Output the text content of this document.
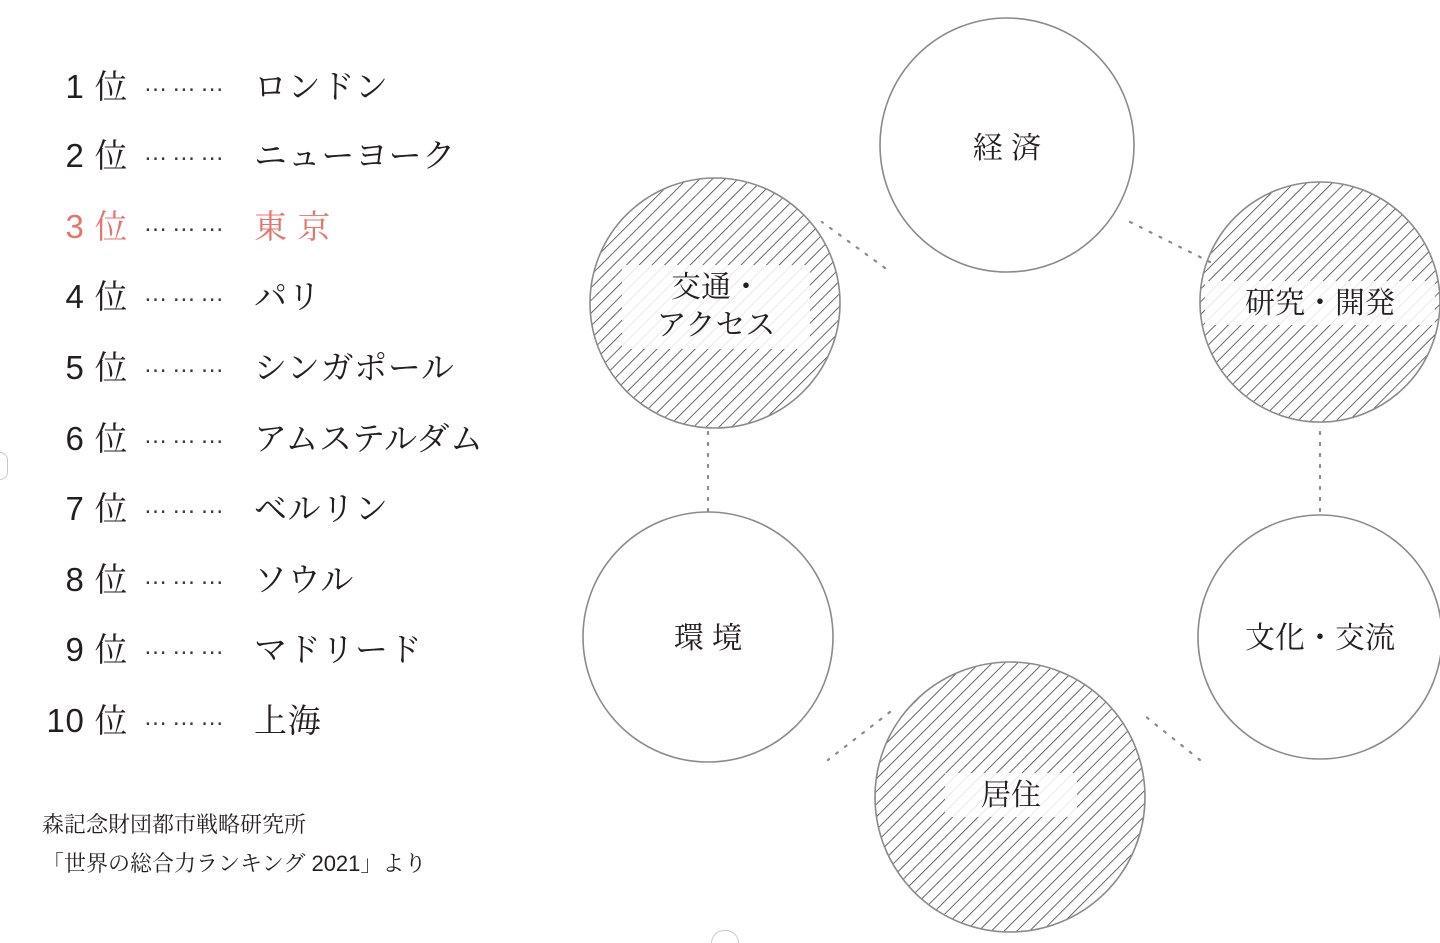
1 位 ……… ロンドン
2 位 ……… ニューヨーク
3 位 ……… 東 京
4 位 ……… パリ
5 位 ……… シンガポール
6 位 ……… アムステルダム
7 位 ……… ベルリン
8 位 ……… ソウル
9 位 ……… マドリード
10 位 ……… 上海
森記念財団都市戦略研究所
「世界の総合力ランキング 2021」より
経 済
研究・開発
文化・交流
居住
環 境
交通・
アクセス
